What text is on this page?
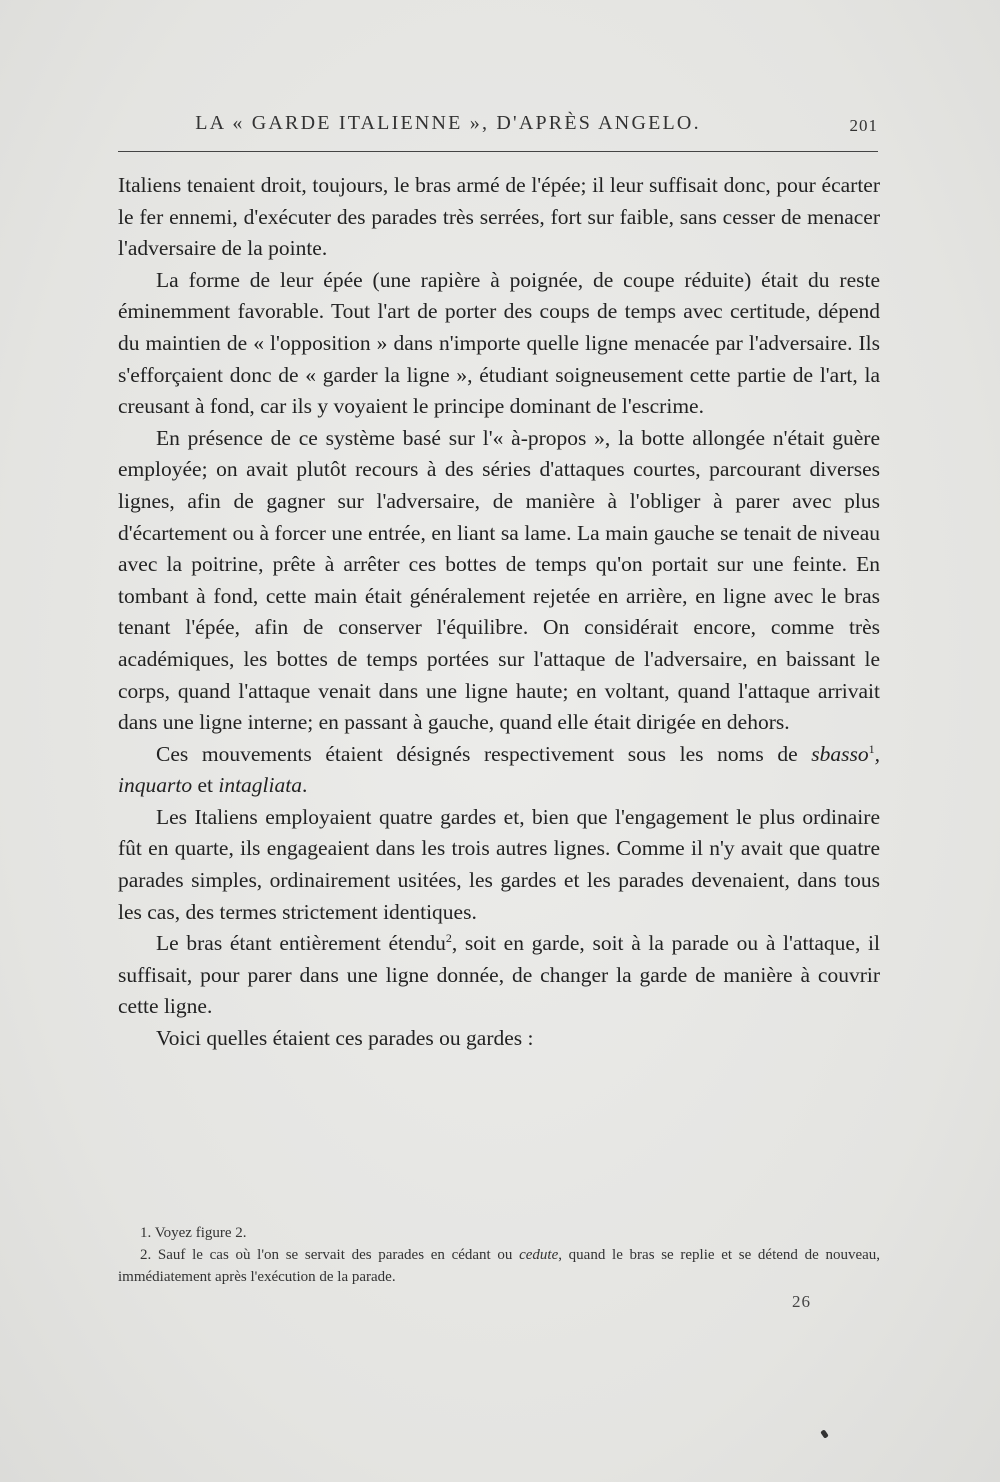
LA « GARDE ITALIENNE », D'APRÈS ANGELO.	201

Italiens tenaient droit, toujours, le bras armé de l'épée; il leur suffisait donc, pour écarter le fer ennemi, d'exécuter des parades très serrées, fort sur faible, sans cesser de menacer l'adversaire de la pointe.

La forme de leur épée (une rapière à poignée, de coupe réduite) était du reste éminemment favorable. Tout l'art de porter des coups de temps avec certitude, dépend du maintien de « l'opposition » dans n'importe quelle ligne menacée par l'adversaire. Ils s'efforçaient donc de « garder la ligne », étudiant soigneusement cette partie de l'art, la creusant à fond, car ils y voyaient le principe dominant de l'escrime.

En présence de ce système basé sur l'« à-propos », la botte allongée n'était guère employée; on avait plutôt recours à des séries d'attaques courtes, parcourant diverses lignes, afin de gagner sur l'adversaire, de manière à l'obliger à parer avec plus d'écartement ou à forcer une entrée, en liant sa lame. La main gauche se tenait de niveau avec la poitrine, prête à arrêter ces bottes de temps qu'on portait sur une feinte. En tombant à fond, cette main était généralement rejetée en arrière, en ligne avec le bras tenant l'épée, afin de conserver l'équilibre. On considérait encore, comme très académiques, les bottes de temps portées sur l'attaque de l'adversaire, en baissant le corps, quand l'attaque venait dans une ligne haute; en voltant, quand l'attaque arrivait dans une ligne interne; en passant à gauche, quand elle était dirigée en dehors.

Ces mouvements étaient désignés respectivement sous les noms de sbasso$^1$, inquarto et intagliata.

Les Italiens employaient quatre gardes et, bien que l'engagement le plus ordinaire fût en quarte, ils engageaient dans les trois autres lignes. Comme il n'y avait que quatre parades simples, ordinairement usitées, les gardes et les parades devenaient, dans tous les cas, des termes strictement identiques.

Le bras étant entièrement étendu$^2$, soit en garde, soit à la parade ou à l'attaque, il suffisait, pour parer dans une ligne donnée, de changer la garde de manière à couvrir cette ligne.

Voici quelles étaient ces parades ou gardes :

1. Voyez figure 2.

2. Sauf le cas où l'on se servait des parades en cédant ou cedute, quand le bras se replie et se détend de nouveau, immédiatement après l'exécution de la parade.

26
